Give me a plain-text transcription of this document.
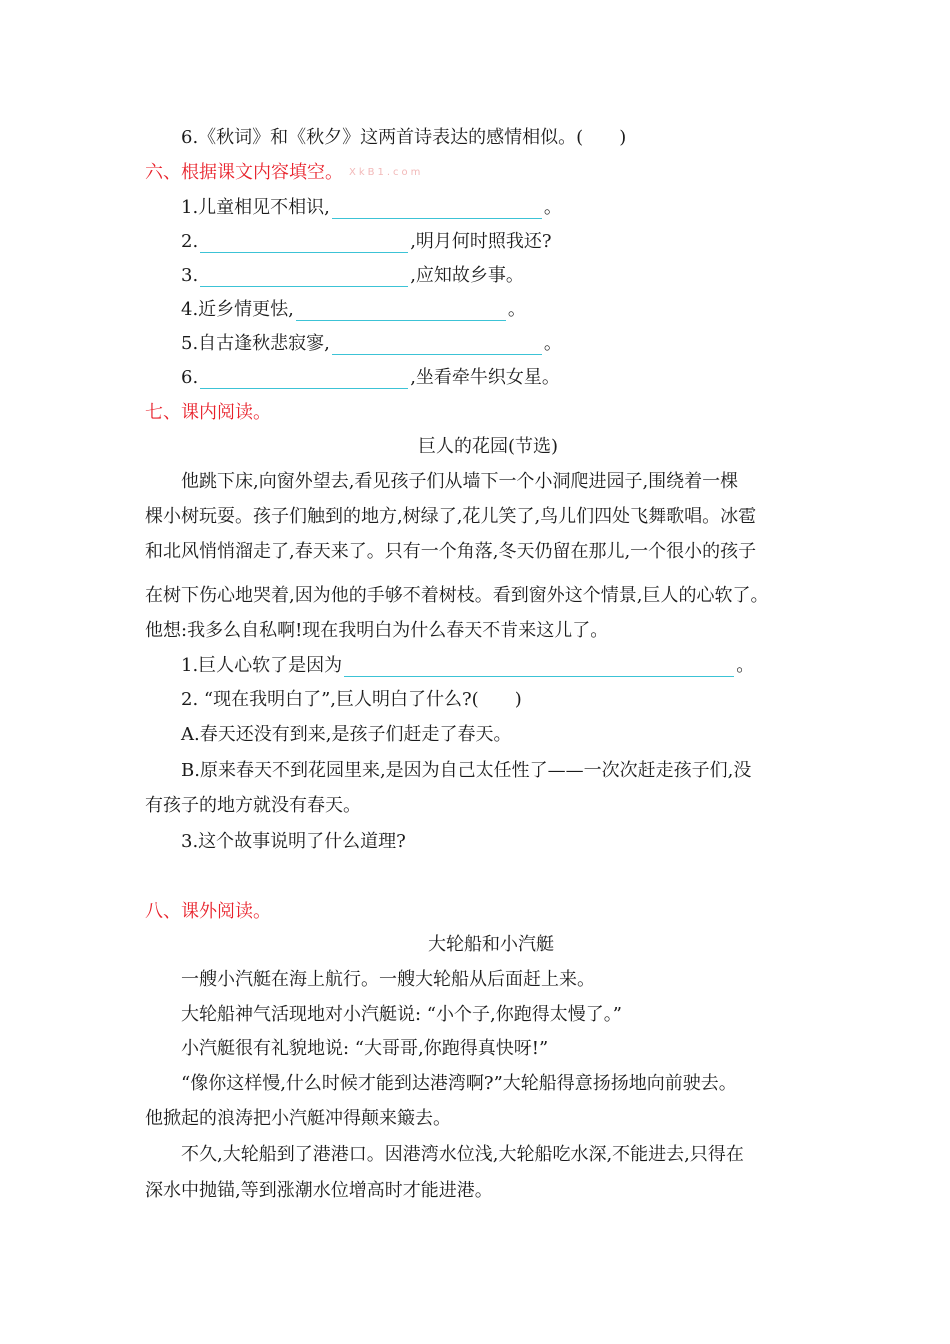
6.《秋词》和《秋夕》这两首诗表达的感情相似。(　　)
六、根据课文内容填空。 XkB1.com
1.儿童相见不相识,	。
2.	,明月何时照我还?
3.	,应知故乡事。
4.近乡情更怯,	。
5.自古逢秋悲寂寥,	。
6.	,坐看牵牛织女星。
七、课内阅读。
巨人的花园(节选)
他跳下床,向窗外望去,看见孩子们从墙下一个小洞爬进园子,围绕着一棵
棵小树玩耍。孩子们触到的地方,树绿了,花儿笑了,鸟儿们四处飞舞歌唱。冰雹
和北风悄悄溜走了,春天来了。只有一个角落,冬天仍留在那儿,一个很小的孩子
在树下伤心地哭着,因为他的手够不着树枝。看到窗外这个情景,巨人的心软了。
他想:我多么自私啊!现在我明白为什么春天不肯来这儿了。
1.巨人心软了是因为	。
2. “现在我明白了”,巨人明白了什么?(　　)
A.春天还没有到来,是孩子们赶走了春天。
B.原来春天不到花园里来,是因为自己太任性了——一次次赶走孩子们,没
有孩子的地方就没有春天。
3.这个故事说明了什么道理?
八、课外阅读。
大轮船和小汽艇
一艘小汽艇在海上航行。一艘大轮船从后面赶上来。
大轮船神气活现地对小汽艇说: “小个子,你跑得太慢了。”
小汽艇很有礼貌地说: “大哥哥,你跑得真快呀!”
“像你这样慢,什么时候才能到达港湾啊?”大轮船得意扬扬地向前驶去。
他掀起的浪涛把小汽艇冲得颠来簸去。
不久,大轮船到了港港口。因港湾水位浅,大轮船吃水深,不能进去,只得在
深水中抛锚,等到涨潮水位增高时才能进港。
